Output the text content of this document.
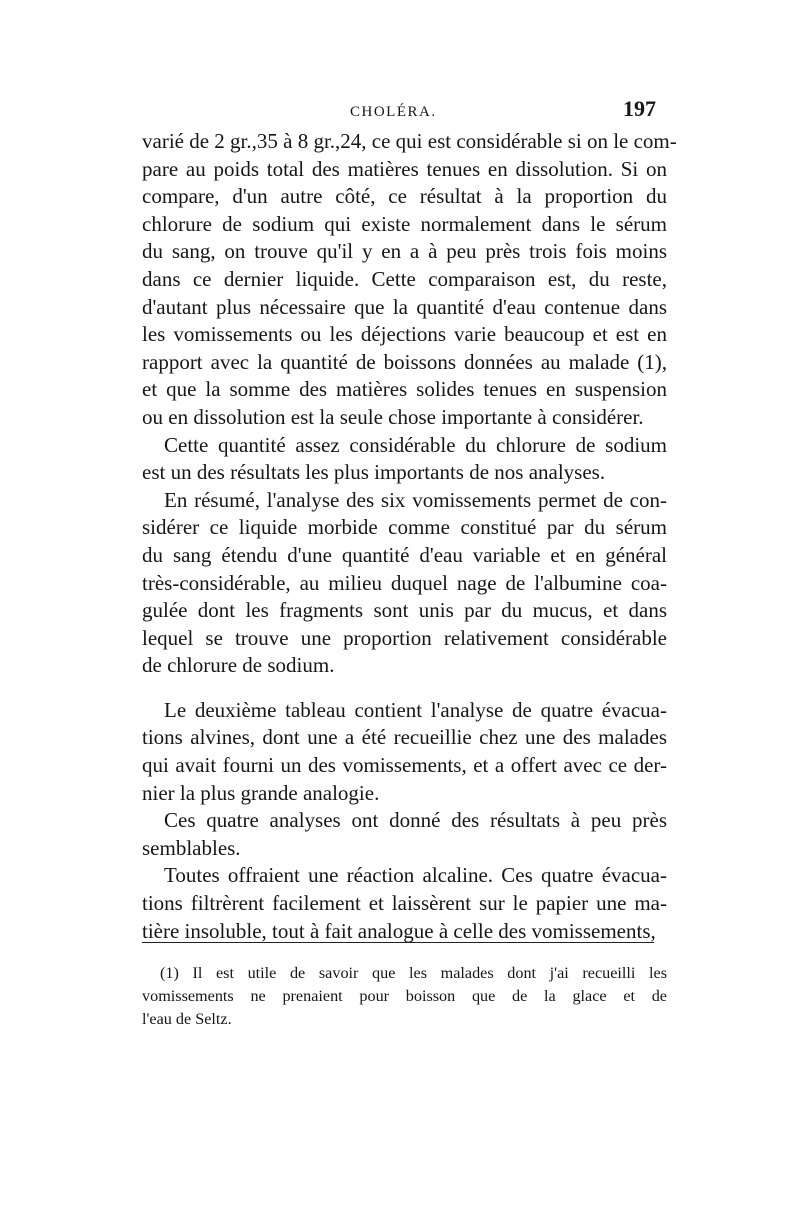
CHOLÉRA.	197
varié de 2 gr.,35 à 8 gr.,24, ce qui est considérable si on le com-
pare au poids total des matières tenues en dissolution. Si on
compare, d'un autre côté, ce résultat à la proportion du
chlorure de sodium qui existe normalement dans le sérum
du sang, on trouve qu'il y en a à peu près trois fois moins
dans ce dernier liquide. Cette comparaison est, du reste,
d'autant plus nécessaire que la quantité d'eau contenue dans
les vomissements ou les déjections varie beaucoup et est en
rapport avec la quantité de boissons données au malade (1),
et que la somme des matières solides tenues en suspension
ou en dissolution est la seule chose importante à considérer.
Cette quantité assez considérable du chlorure de sodium
est un des résultats les plus importants de nos analyses.
En résumé, l'analyse des six vomissements permet de con-
sidérer ce liquide morbide comme constitué par du sérum
du sang étendu d'une quantité d'eau variable et en général
très-considérable, au milieu duquel nage de l'albumine coa-
gulée dont les fragments sont unis par du mucus, et dans
lequel se trouve une proportion relativement considérable
de chlorure de sodium.
Le deuxième tableau contient l'analyse de quatre évacua-
tions alvines, dont une a été recueillie chez une des malades
qui avait fourni un des vomissements, et a offert avec ce der-
nier la plus grande analogie.
Ces quatre analyses ont donné des résultats à peu près
semblables.
Toutes offraient une réaction alcaline. Ces quatre évacua-
tions filtrèrent facilement et laissèrent sur le papier une ma-
tière insoluble, tout à fait analogue à celle des vomissements,
(1) Il est utile de savoir que les malades dont j'ai recueilli les
vomissements ne prenaient pour boisson que de la glace et de
l'eau de Seltz.
